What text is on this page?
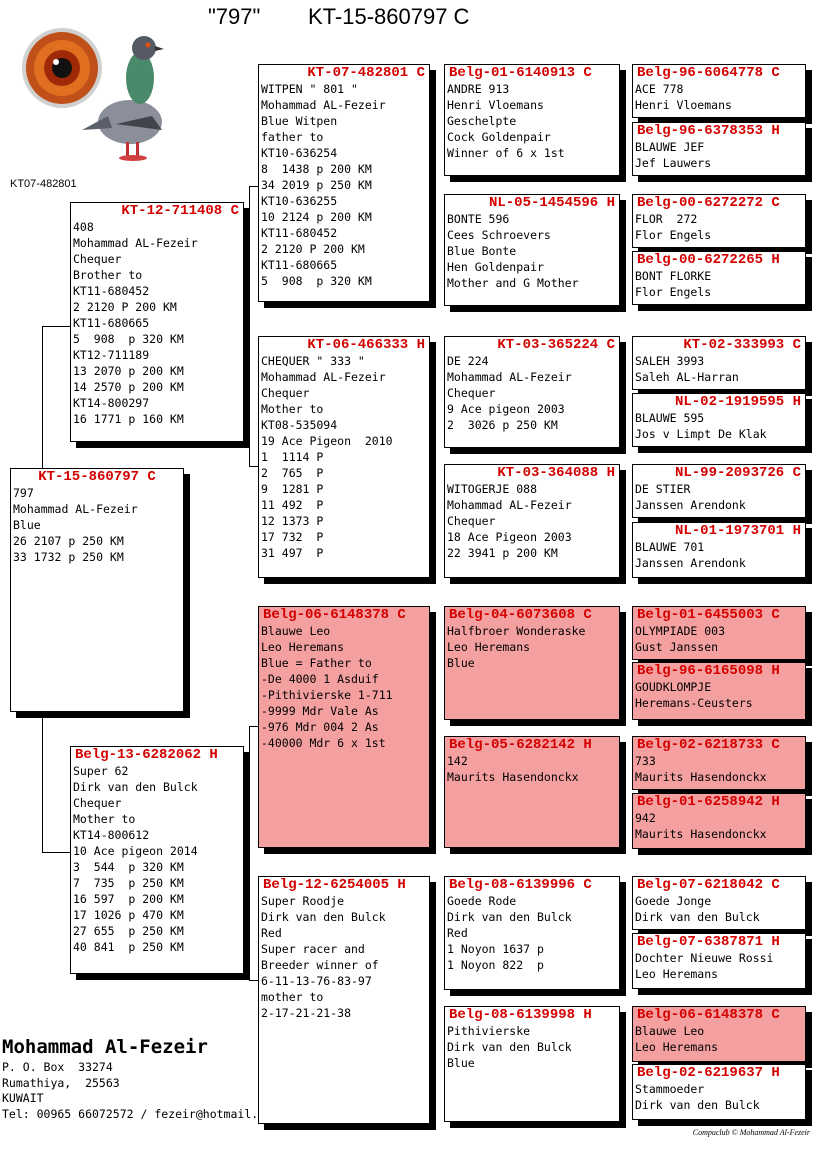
"797" KT-15-860797 C
KT07-482801
KT-15-860797 C
797
Mohammad AL-Fezeir
Blue
26 2107 p 250 KM
33 1732 p 250 KM
KT-12-711408 C
408
Mohammad AL-Fezeir
Chequer
Brother to
KT11-680452
2 2120 P 200 KM
KT11-680665
5  908  p 320 KM
KT12-711189
13 2070 p 200 KM
14 2570 p 200 KM
KT14-800297
16 1771 p 160 KM
Belg-13-6282062 H
Super 62
Dirk van den Bulck
Chequer
Mother to
KT14-800612
10 Ace pigeon 2014
3  544  p 320 KM
7  735  p 250 KM
16 597  p 200 KM
17 1026 p 470 KM
27 655  p 250 KM
40 841  p 250 KM
KT-07-482801 C
WITPEN " 801 "
Mohammad AL-Fezeir
Blue Witpen
father to
KT10-636254
8  1438 p 200 KM
34 2019 p 250 KM
KT10-636255
10 2124 p 200 KM
KT11-680452
2 2120 P 200 KM
KT11-680665
5  908  p 320 KM
KT-06-466333 H
CHEQUER " 333 "
Mohammad AL-Fezeir
Chequer
Mother to
KT08-535094
19 Ace Pigeon  2010
1  1114 P
2  765  P
9  1281 P
11 492  P
12 1373 P
17 732  P
31 497  P
Belg-06-6148378 C
Blauwe Leo
Leo Heremans
Blue = Father to
-De 4000 1 Asduif
-Pithivierske 1-711
-9999 Mdr Vale As
-976 Mdr 004 2 As
-40000 Mdr 6 x 1st
Belg-12-6254005 H
Super Roodje
Dirk van den Bulck
Red
Super racer and
Breeder winner of
6-11-13-76-83-97
mother to
2-17-21-21-38
Belg-01-6140913 C
ANDRE 913
Henri Vloemans
Geschelpte
Cock Goldenpair
Winner of 6 x 1st
NL-05-1454596 H
BONTE 596
Cees Schroevers
Blue Bonte
Hen Goldenpair
Mother and G Mother
KT-03-365224 C
DE 224
Mohammad AL-Fezeir
Chequer
9 Ace pigeon 2003
2  3026 p 250 KM
KT-03-364088 H
WITOGERJE 088
Mohammad AL-Fezeir
Chequer
18 Ace Pigeon 2003
22 3941 p 200 KM
Belg-04-6073608 C
Halfbroer Wonderaske
Leo Heremans
Blue
Belg-05-6282142 H
142
Maurits Hasendonckx
Belg-08-6139996 C
Goede Rode
Dirk van den Bulck
Red
1 Noyon 1637 p
1 Noyon 822  p
Belg-08-6139998 H
Pithivierske
Dirk van den Bulck
Blue
Belg-96-6064778 C
ACE 778
Henri Vloemans
Belg-96-6378353 H
BLAUWE JEF
Jef Lauwers
Belg-00-6272272 C
FLOR  272
Flor Engels
Belg-00-6272265 H
BONT FLORKE
Flor Engels
KT-02-333993 C
SALEH 3993
Saleh AL-Harran
NL-02-1919595 H
BLAUWE 595
Jos v Limpt De Klak
NL-99-2093726 C
DE STIER
Janssen Arendonk
NL-01-1973701 H
BLAUWE 701
Janssen Arendonk
Belg-01-6455003 C
OLYMPIADE 003
Gust Janssen
Belg-96-6165098 H
GOUDKLOMPJE
Heremans-Ceusters
Belg-02-6218733 C
733
Maurits Hasendonckx
Belg-01-6258942 H
942
Maurits Hasendonckx
Belg-07-6218042 C
Goede Jonge
Dirk van den Bulck
Belg-07-6387871 H
Dochter Nieuwe Rossi
Leo Heremans
Belg-06-6148378 C
Blauwe Leo
Leo Heremans
Belg-02-6219637 H
Stammoeder
Dirk van den Bulck
Mohammad Al-Fezeir
P. O. Box  33274
Rumathiya,  25563
KUWAIT
Tel: 00965 66072572 / fezeir@hotmail.
Compuclub © Mohammad Al-Fezeir
